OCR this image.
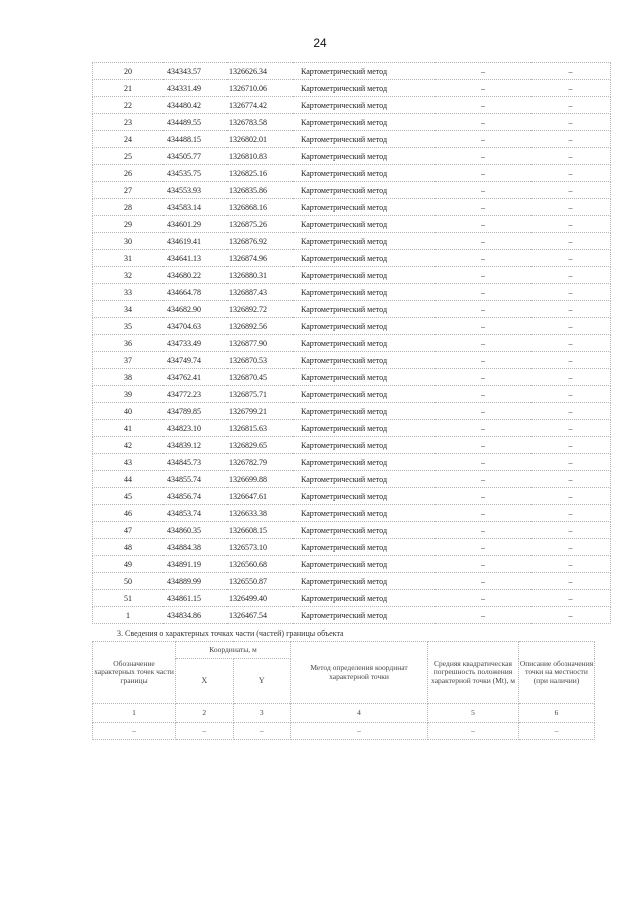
24
20	434343.57	1326626.34	Картометрический метод	–	–
21	434331.49	1326710.06	Картометрический метод	–	–
22	434480.42	1326774.42	Картометрический метод	–	–
23	434489.55	1326783.58	Картометрический метод	–	–
24	434488.15	1326802.01	Картометрический метод	–	–
25	434505.77	1326810.83	Картометрический метод	–	–
26	434535.75	1326825.16	Картометрический метод	–	–
27	434553.93	1326835.86	Картометрический метод	–	–
28	434583.14	1326868.16	Картометрический метод	–	–
29	434601.29	1326875.26	Картометрический метод	–	–
30	434619.41	1326876.92	Картометрический метод	–	–
31	434641.13	1326874.96	Картометрический метод	–	–
32	434680.22	1326880.31	Картометрический метод	–	–
33	434664.78	1326887.43	Картометрический метод	–	–
34	434682.90	1326892.72	Картометрический метод	–	–
35	434704.63	1326892.56	Картометрический метод	–	–
36	434733.49	1326877.90	Картометрический метод	–	–
37	434749.74	1326870.53	Картометрический метод	–	–
38	434762.41	1326870.45	Картометрический метод	–	–
39	434772.23	1326875.71	Картометрический метод	–	–
40	434789.85	1326799.21	Картометрический метод	–	–
41	434823.10	1326815.63	Картометрический метод	–	–
42	434839.12	1326829.65	Картометрический метод	–	–
43	434845.73	1326782.79	Картометрический метод	–	–
44	434855.74	1326699.88	Картометрический метод	–	–
45	434856.74	1326647.61	Картометрический метод	–	–
46	434853.74	1326633.38	Картометрический метод	–	–
47	434860.35	1326608.15	Картометрический метод	–	–
48	434884.38	1326573.10	Картометрический метод	–	–
49	434891.19	1326560.68	Картометрический метод	–	–
50	434889.99	1326550.87	Картометрический метод	–	–
51	434861.15	1326499.40	Картометрический метод	–	–
1	434834.86	1326467.54	Картометрический метод	–	–
3. Сведения о характерных точках части (частей) границы объекта
Обозначение характерных точек части границы	Координаты, м		Метод определения координат характерной точки	Средняя квадратическая погрешность положения характерной точки (Mt), м	Описание обозначения точки на местности (при наличии)
	X	Y			
1	2	3	4	5	6
–	–	–	–	–	–
